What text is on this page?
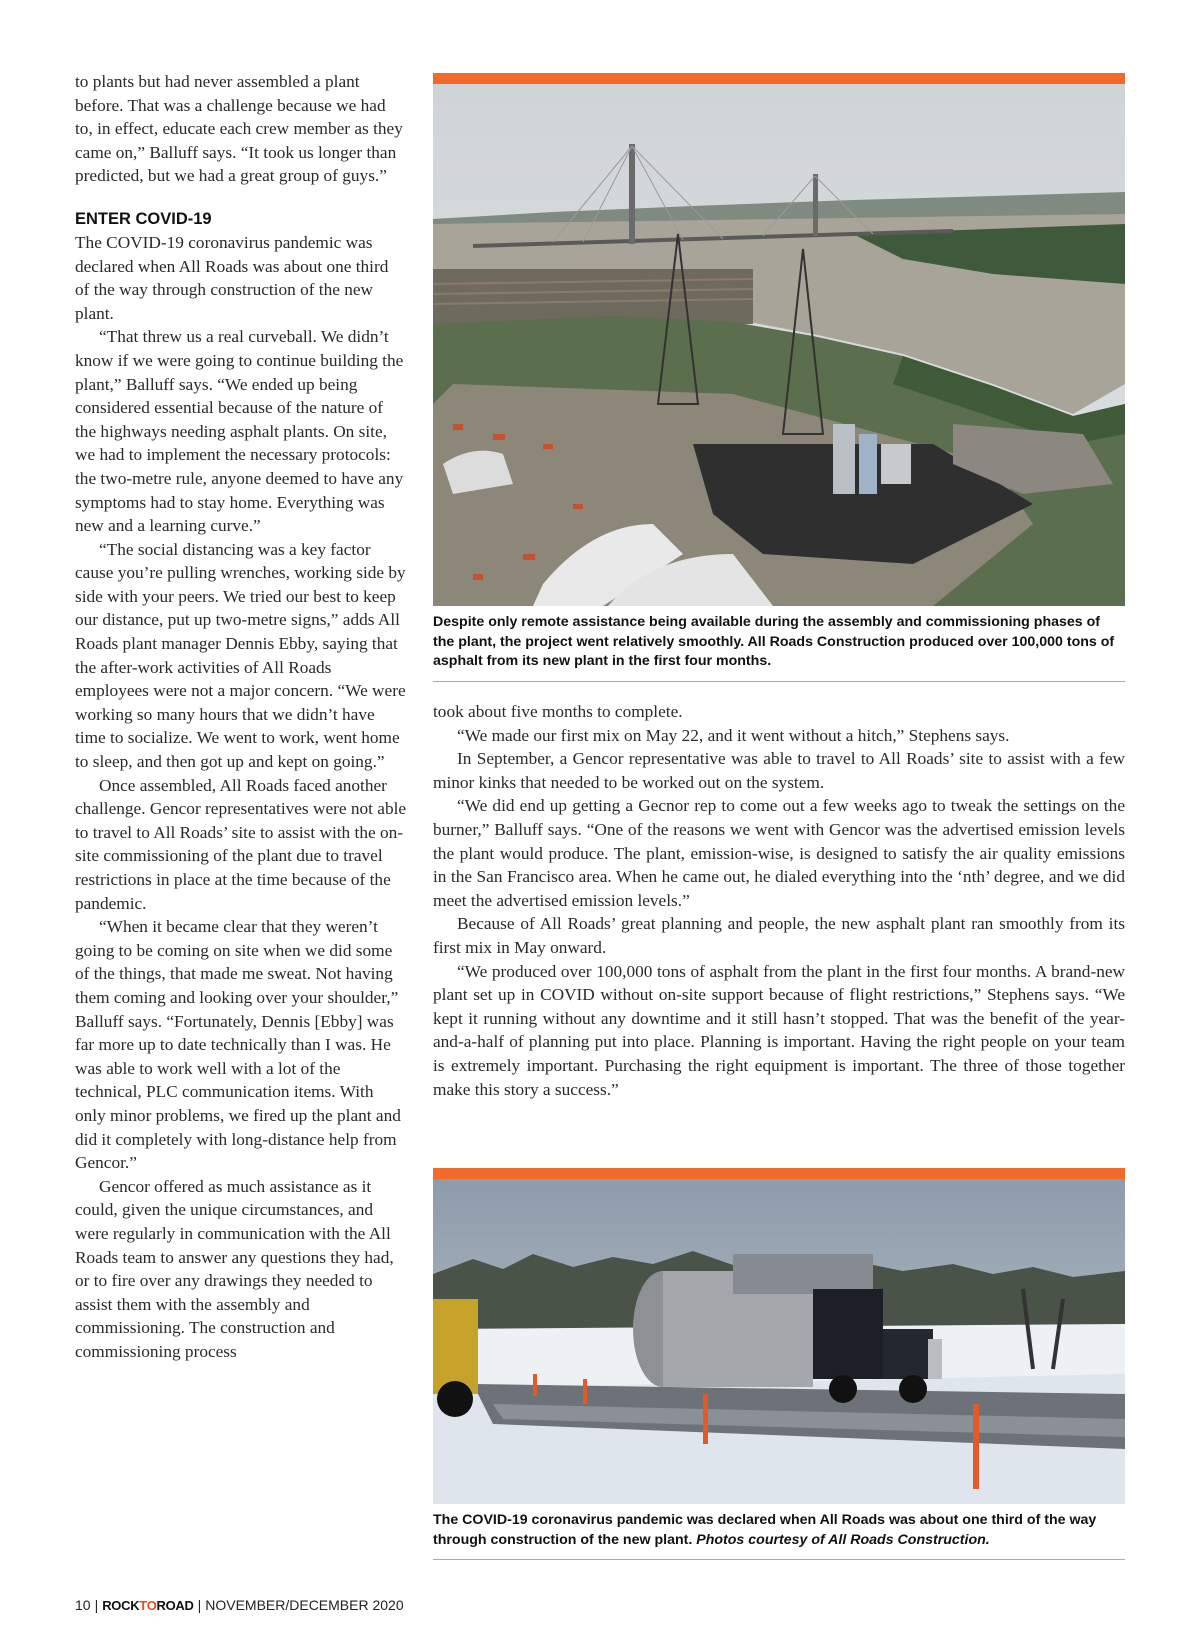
to plants but had never assembled a plant before. That was a challenge because we had to, in effect, educate each crew member as they came on,” Balluff says. “It took us longer than predicted, but we had a great group of guys.”

ENTER COVID-19

The COVID-19 coronavirus pandemic was declared when All Roads was about one third of the way through construction of the new plant.

“That threw us a real curveball. We didn’t know if we were going to continue building the plant,” Balluff says. “We ended up being considered essential because of the nature of the highways needing asphalt plants. On site, we had to implement the necessary protocols: the two-metre rule, anyone deemed to have any symptoms had to stay home. Everything was new and a learning curve.”

“The social distancing was a key factor cause you’re pulling wrenches, working side by side with your peers. We tried our best to keep our distance, put up two-metre signs,” adds All Roads plant manager Dennis Ebby, saying that the after-work activities of All Roads employees were not a major concern. “We were working so many hours that we didn’t have time to socialize. We went to work, went home to sleep, and then got up and kept on going.”

Once assembled, All Roads faced another challenge. Gencor representatives were not able to travel to All Roads’ site to assist with the on-site commissioning of the plant due to travel restrictions in place at the time because of the pandemic.

“When it became clear that they weren’t going to be coming on site when we did some of the things, that made me sweat. Not having them coming and looking over your shoulder,” Balluff says. “Fortunately, Dennis [Ebby] was far more up to date technically than I was. He was able to work well with a lot of the technical, PLC communication items. With only minor problems, we fired up the plant and did it completely with long-distance help from Gencor.”

Gencor offered as much assistance as it could, given the unique circumstances, and were regularly in communication with the All Roads team to answer any questions they had, or to fire over any drawings they needed to assist them with the assembly and commissioning. The construction and commissioning process

Despite only remote assistance being available during the assembly and commissioning phases of the plant, the project went relatively smoothly. All Roads Construction produced over 100,000 tons of asphalt from its new plant in the first four months.

took about five months to complete.

“We made our first mix on May 22, and it went without a hitch,” Stephens says.

In September, a Gencor representative was able to travel to All Roads’ site to assist with a few minor kinks that needed to be worked out on the system.

“We did end up getting a Gecnor rep to come out a few weeks ago to tweak the settings on the burner,” Balluff says. “One of the reasons we went with Gencor was the advertised emission levels the plant would produce. The plant, emission-wise, is designed to satisfy the air quality emissions in the San Francisco area. When he came out, he dialed everything into the ‘nth’ degree, and we did meet the advertised emission levels.”

Because of All Roads’ great planning and people, the new asphalt plant ran smoothly from its first mix in May onward.

“We produced over 100,000 tons of asphalt from the plant in the first four months. A brand-new plant set up in COVID without on-site support because of flight restrictions,” Stephens says. “We kept it running without any downtime and it still hasn’t stopped. That was the benefit of the year-and-a-half of planning put into place. Planning is important. Having the right people on your team is extremely important. Purchasing the right equipment is important. The three of those together make this story a success.”

The COVID-19 coronavirus pandemic was declared when All Roads was about one third of the way through construction of the new plant. Photos courtesy of All Roads Construction.
10 | ROCKTOROAD | NOVEMBER/DECEMBER 2020
